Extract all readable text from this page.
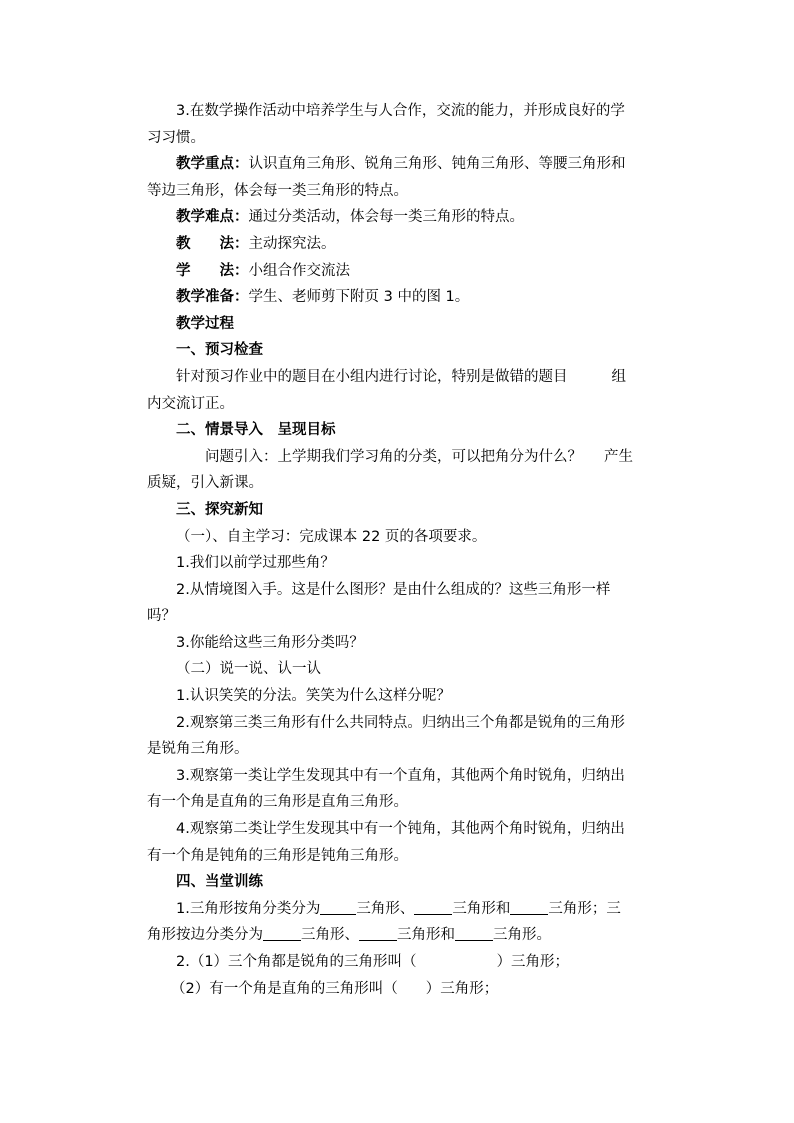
3.在数学操作活动中培养学生与人合作，交流的能力，并形成良好的学
习习惯。
教学重点：认识直角三角形、锐角三角形、钝角三角形、等腰三角形和
等边三角形，体会每一类三角形的特点。
教学难点：通过分类活动，体会每一类三角形的特点。
教 法：主动探究法。
学 法：小组合作交流法
教学准备：学生、老师剪下附页 3 中的图 1。
教学过程
一、预习检查
针对预习作业中的题目在小组内进行讨论，特别是做错的题目	组
内交流订正。
二、情景导入　呈现目标
问题引入：上学期我们学习角的分类，可以把角分为什么？ 产生
质疑，引入新课。
三、探究新知
（一）、自主学习：完成课本 22 页的各项要求。
1.我们以前学过那些角？
2.从情境图入手。这是什么图形？是由什么组成的？这些三角形一样
吗？
3.你能给这些三角形分类吗？
（二）说一说、认一认
1.认识笑笑的分法。笑笑为什么这样分呢？
2.观察第三类三角形有什么共同特点。归纳出三个角都是锐角的三角形
是锐角三角形。
3.观察第一类让学生发现其中有一个直角，其他两个角时锐角，归纳出
有一个角是直角的三角形是直角三角形。
4.观察第二类让学生发现其中有一个钝角，其他两个角时锐角，归纳出
有一个角是钝角的三角形是钝角三角形。
四、当堂训练
1.三角形按角分类分为 三角形、	三角形和	三角形；三
角形按边分类分为	三角形、	三角形和	三角形。
2.（1）三个角都是锐角的三角形叫（	）三角形；
（2）有一个角是直角的三角形叫（ ）三角形；
